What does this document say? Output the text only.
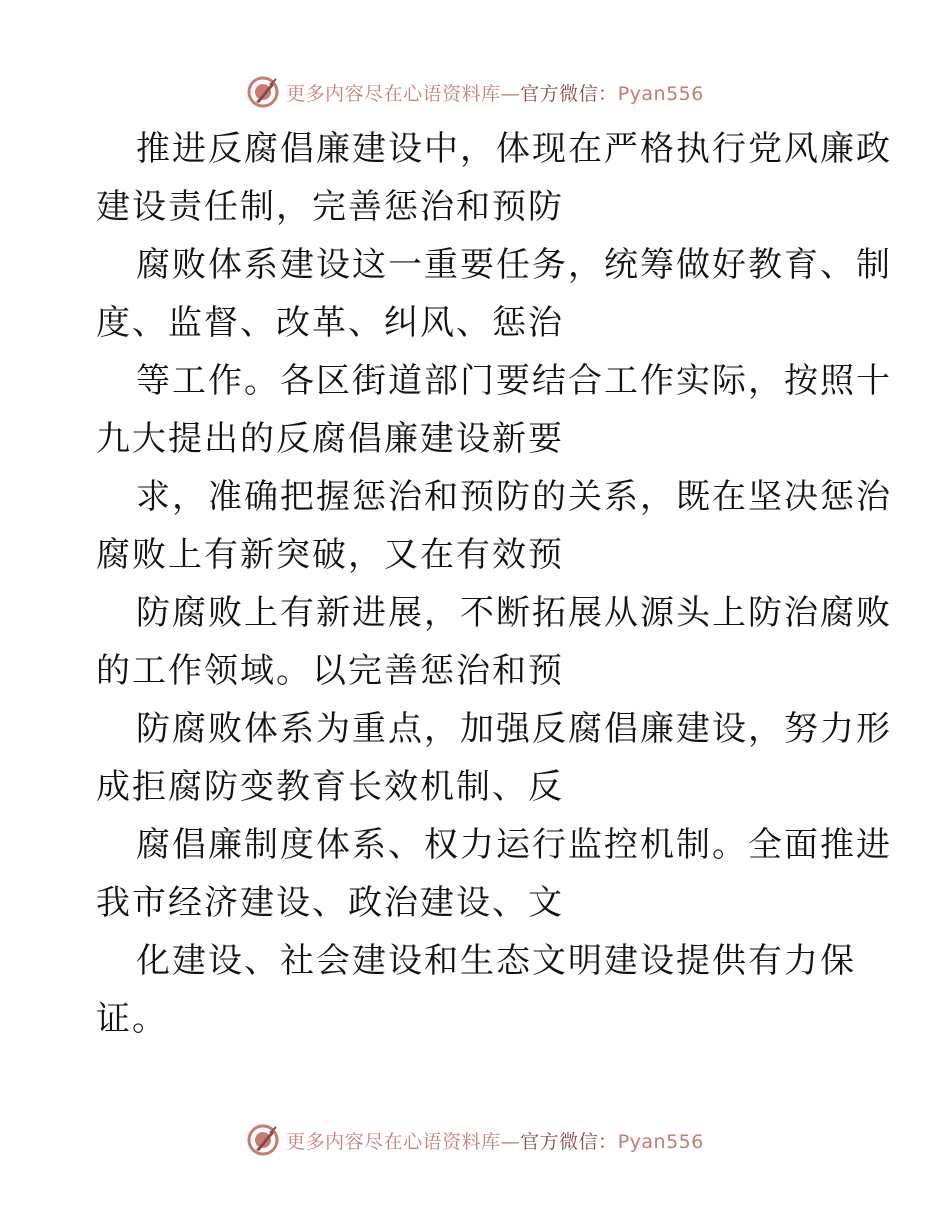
更多内容尽在心语资料库—官方微信：Pyan556
推进反腐倡廉建设中，体现在严格执行党风廉政
建设责任制，完善惩治和预防
腐败体系建设这一重要任务，统筹做好教育、制
度、监督、改革、纠风、惩治
等工作。各区街道部门要结合工作实际，按照十
九大提出的反腐倡廉建设新要
求，准确把握惩治和预防的关系，既在坚决惩治
腐败上有新突破，又在有效预
防腐败上有新进展，不断拓展从源头上防治腐败
的工作领域。以完善惩治和预
防腐败体系为重点，加强反腐倡廉建设，努力形
成拒腐防变教育长效机制、反
腐倡廉制度体系、权力运行监控机制。全面推进
我市经济建设、政治建设、文
化建设、社会建设和生态文明建设提供有力保
证。
更多内容尽在心语资料库—官方微信：Pyan556
